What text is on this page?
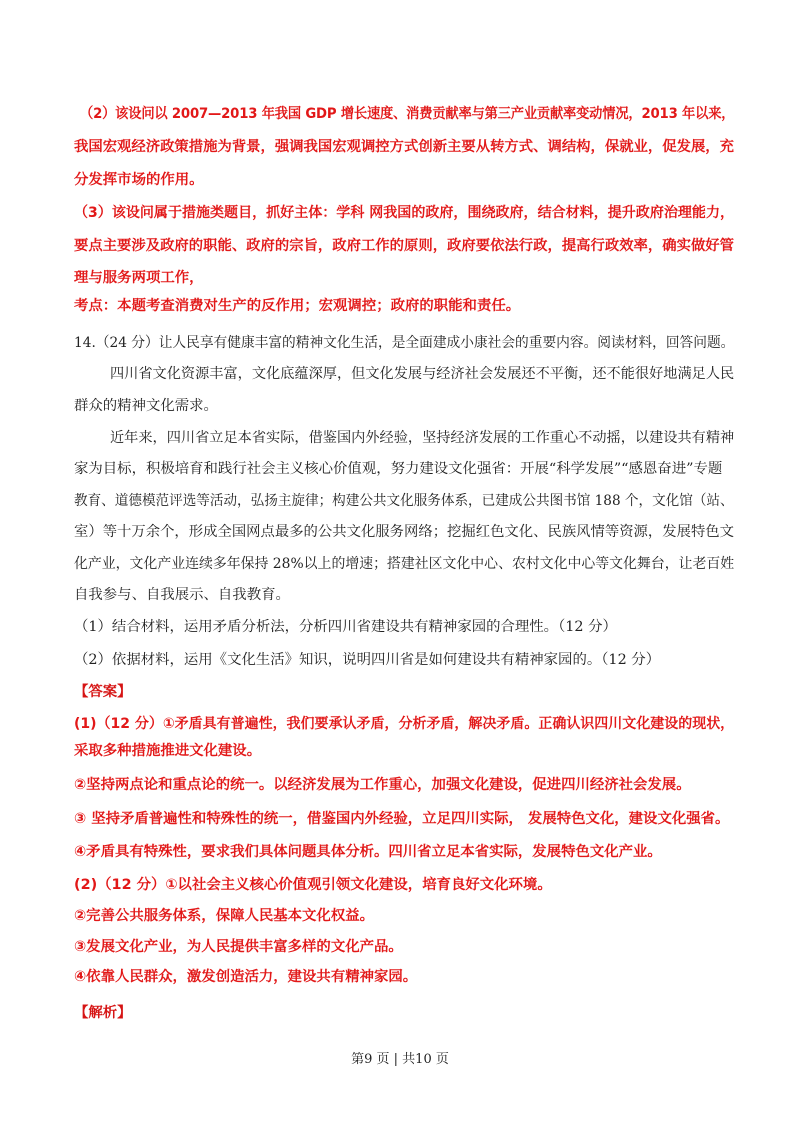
（2）该设问以 2007—2013 年我国 GDP 增长速度、消费贡献率与第三产业贡献率变动情况，2013 年以来，
我国宏观经济政策措施为背景，强调我国宏观调控方式创新主要从转方式、调结构，保就业，促发展，充
分发挥市场的作用。
（3）该设问属于措施类题目，抓好主体：学科 网我国的政府，围绕政府，结合材料，提升政府治理能力，
要点主要涉及政府的职能、政府的宗旨，政府工作的原则，政府要依法行政，提高行政效率，确实做好管
理与服务两项工作，
考点：本题考查消费对生产的反作用；宏观调控；政府的职能和责任。
14.（24 分）让人民享有健康丰富的精神文化生活，是全面建成小康社会的重要内容。阅读材料，回答问题。
四川省文化资源丰富，文化底蕴深厚，但文化发展与经济社会发展还不平衡，还不能很好地满足人民
群众的精神文化需求。
近年来，四川省立足本省实际，借鉴国内外经验，坚持经济发展的工作重心不动摇，以建设共有精神
家为目标，积极培育和践行社会主义核心价值观，努力建设文化强省：开展“科学发展”“感恩奋进”专题
教育、道德模范评选等活动，弘扬主旋律；构建公共文化服务体系，已建成公共图书馆 188 个，文化馆（站、
室）等十万余个，形成全国网点最多的公共文化服务网络；挖掘红色文化、民族风情等资源，发展特色文
化产业，文化产业连续多年保持 28%以上的增速；搭建社区文化中心、农村文化中心等文化舞台，让老百姓
自我参与、自我展示、自我教育。
（1）结合材料，运用矛盾分析法，分析四川省建设共有精神家园的合理性。（12 分）
（2）依据材料，运用《文化生活》知识，说明四川省是如何建设共有精神家园的。（12 分）
【答案】
(1)（12 分）①矛盾具有普遍性，我们要承认矛盾，分析矛盾，解决矛盾。正确认识四川文化建设的现状，
采取多种措施推进文化建设。
②坚持两点论和重点论的统一。以经济发展为工作重心，加强文化建设，促进四川经济社会发展。
③ 坚持矛盾普遍性和特殊性的统一，借鉴国内外经验，立足四川实际， 发展特色文化，建设文化强省。
④矛盾具有特殊性，要求我们具体问题具体分析。四川省立足本省实际，发展特色文化产业。
(2)（12 分）①以社会主义核心价值观引领文化建设，培育良好文化环境。
②完善公共服务体系，保障人民基本文化权益。
③发展文化产业，为人民提供丰富多样的文化产品。
④依靠人民群众，激发创造活力，建设共有精神家园。
【解析】
第9 页 | 共10 页
